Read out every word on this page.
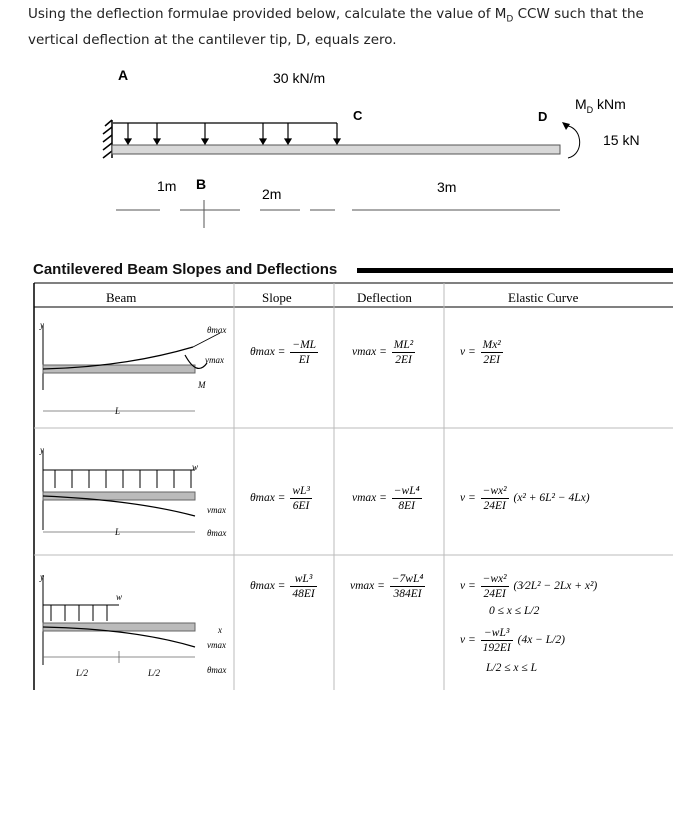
Using the deflection formulae provided below, calculate the value of $M_D$ CCW such that the vertical deflection at the cantilever tip, D, equals zero.
A	30 kN/m
C	D
$M_D$ kNm
15 kN
1m B
2m	3m
Cantilevered Beam Slopes and Deflections
Beam	Slope	Deflection	Elastic Curve
θmax
vmax
M
L
y
$\theta\max = \frac{-ML}{EI}$	$vmax = \frac{\text{ML²}}{2EI}$	$v = \frac{\text{Mx²}}{2EI}$
w
vmax
θmax
L
y
$\theta\max = \frac{\text{wL³}}{6EI}$	$vmax = \frac{\text{−wL⁴}}{8EI}$	$v = \frac{\text{−wx²}}{24EI} (x^2 + 6L^2 - 4Lx)$
w
x
vmax
θmax
L/2	L/2
y
$\theta\max = \frac{\text{wL³}}{48EI}$	$vmax = \frac{\text{−7wL⁴}}{384EI}$	$v = \frac{\text{−wx²}}{24EI}$ (3⁄2L² − 2Lx + x²)
0 ≤ x ≤ L/2
$v = \frac{\text{−wL³}}{192EI} (4x - L/2)$
L/2 ≤ x ≤ L
